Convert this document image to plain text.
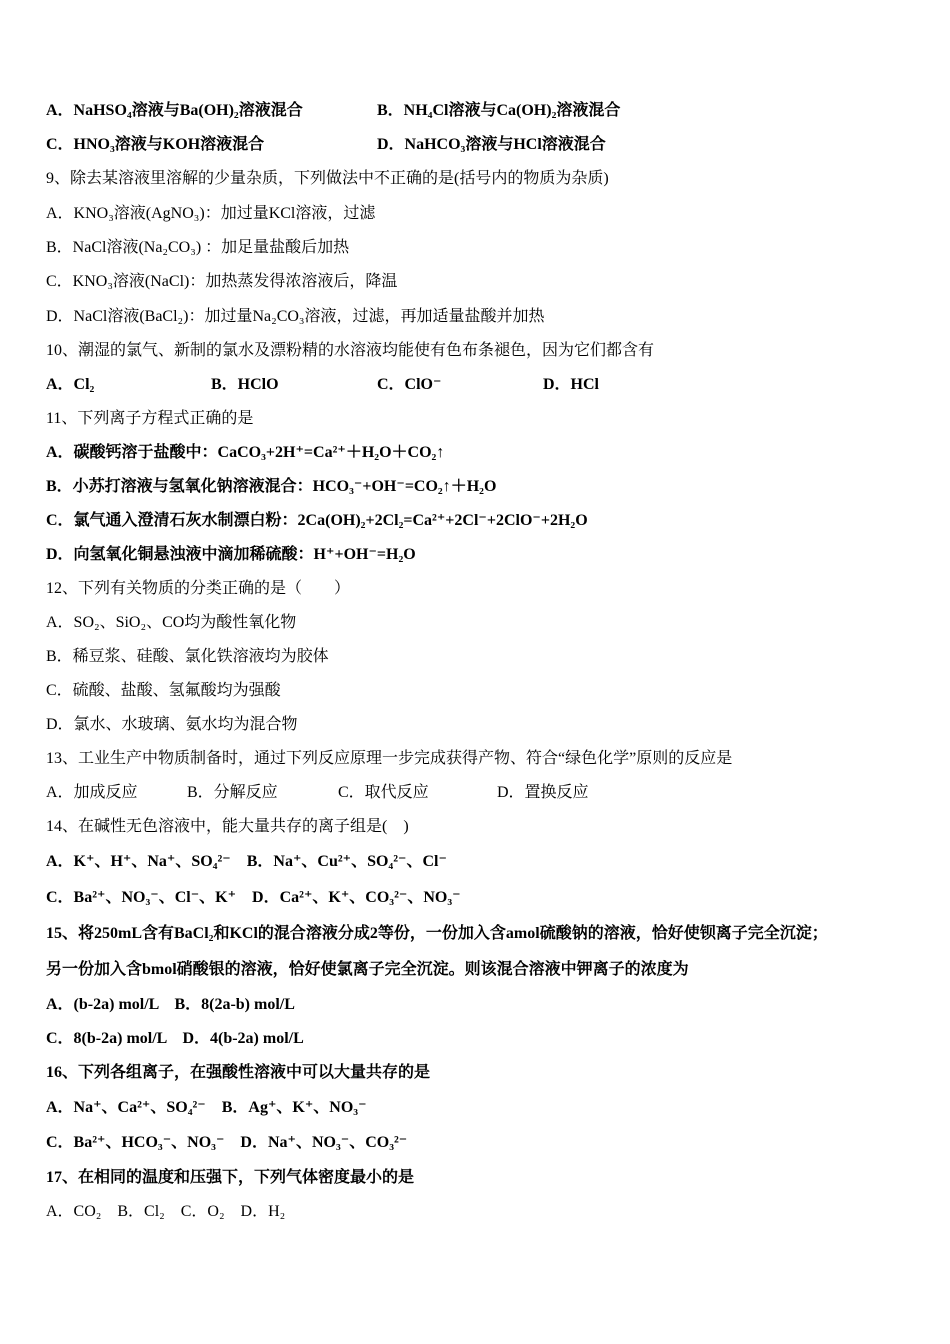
A．NaHSO₄溶液与Ba(OH)₂溶液混合	B．NH₄Cl溶液与Ca(OH)₂溶液混合
C．HNO₃溶液与KOH溶液混合	D．NaHCO₃溶液与HCl溶液混合
9、除去某溶液里溶解的少量杂质，下列做法中不正确的是(括号内的物质为杂质)
A．KNO₃溶液(AgNO₃)：加过量KCl溶液，过滤
B．NaCl溶液(Na₂CO₃) ：加足量盐酸后加热
C．KNO₃溶液(NaCl)：加热蒸发得浓溶液后，降温
D．NaCl溶液(BaCl₂)：加过量Na₂CO₃溶液，过滤，再加适量盐酸并加热
10、潮湿的氯气、新制的氯水及漂粉精的水溶液均能使有色布条褪色，因为它们都含有
A．Cl₂	B．HClO	C．ClO⁻	D．HCl
11、下列离子方程式正确的是
A．碳酸钙溶于盐酸中：CaCO₃+2H⁺=Ca²⁺＋H₂O＋CO₂↑
B．小苏打溶液与氢氧化钠溶液混合：HCO₃⁻+OH⁻=CO₂↑＋H₂O
C．氯气通入澄清石灰水制漂白粉：2Ca(OH)₂+2Cl₂=Ca²⁺+2Cl⁻+2ClO⁻+2H₂O
D．向氢氧化铜悬浊液中滴加稀硫酸：H⁺+OH⁻=H₂O
12、下列有关物质的分类正确的是（　　）
A．SO₂、SiO₂、CO均为酸性氧化物
B．稀豆浆、硅酸、氯化铁溶液均为胶体
C．硫酸、盐酸、氢氟酸均为强酸
D．氯水、水玻璃、氨水均为混合物
13、工业生产中物质制备时，通过下列反应原理一步完成获得产物、符合“绿色化学”原则的反应是
A．加成反应	B．分解反应	C．取代反应	D．置换反应
14、在碱性无色溶液中，能大量共存的离子组是(　)
A．K⁺、H⁺、Na⁺、SO₄²⁻　B．Na⁺、Cu²⁺、SO₄²⁻、Cl⁻
C．Ba²⁺、NO₃⁻、Cl⁻、K⁺　D．Ca²⁺、K⁺、CO₃²⁻、NO₃⁻
15、将250mL含有BaCl₂和KCl的混合溶液分成2等份，一份加入含amol硫酸钠的溶液，恰好使钡离子完全沉淀；
另一份加入含bmol硝酸银的溶液，恰好使氯离子完全沉淀。则该混合溶液中钾离子的浓度为
A．(b-2a) mol/L　B．8(2a-b) mol/L
C．8(b-2a) mol/L　D．4(b-2a) mol/L
16、下列各组离子，在强酸性溶液中可以大量共存的是
A．Na⁺、Ca²⁺、SO₄²⁻　B．Ag⁺、K⁺、NO₃⁻
C．Ba²⁺、HCO₃⁻、NO₃⁻　D．Na⁺、NO₃⁻、CO₃²⁻
17、在相同的温度和压强下，下列气体密度最小的是
A．CO₂　B．Cl₂　C．O₂　D．H₂
